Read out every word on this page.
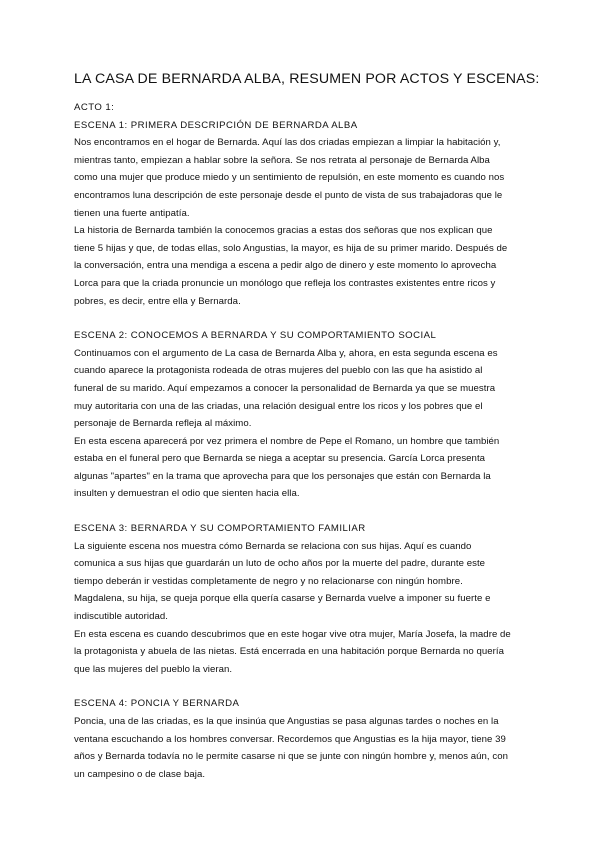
LA CASA DE BERNARDA ALBA, RESUMEN POR ACTOS Y ESCENAS:
ACTO 1:
ESCENA 1: PRIMERA DESCRIPCIÓN DE BERNARDA ALBA
Nos encontramos en el hogar de Bernarda. Aquí las dos criadas empiezan a limpiar la habitación y,
mientras tanto, empiezan a hablar sobre la señora. Se nos retrata al personaje de Bernarda Alba
como una mujer que produce miedo y un sentimiento de repulsión, en este momento es cuando nos
encontramos luna descripción de este personaje desde el punto de vista de sus trabajadoras que le
tienen una fuerte antipatía.
La historia de Bernarda también la conocemos gracias a estas dos señoras que nos explican que
tiene 5 hijas y que, de todas ellas, solo Angustias, la mayor, es hija de su primer marido. Después de
la conversación, entra una mendiga a escena a pedir algo de dinero y este momento lo aprovecha
Lorca para que la criada pronuncie un monólogo que refleja los contrastes existentes entre ricos y
pobres, es decir, entre ella y Bernarda.
ESCENA 2: CONOCEMOS A BERNARDA Y SU COMPORTAMIENTO SOCIAL
Continuamos con el argumento de La casa de Bernarda Alba y, ahora, en esta segunda escena es
cuando aparece la protagonista rodeada de otras mujeres del pueblo con las que ha asistido al
funeral de su marido. Aquí empezamos a conocer la personalidad de Bernarda ya que se muestra
muy autoritaria con una de las criadas, una relación desigual entre los ricos y los pobres que el
personaje de Bernarda refleja al máximo.
En esta escena aparecerá por vez primera el nombre de Pepe el Romano, un hombre que también
estaba en el funeral pero que Bernarda se niega a aceptar su presencia. García Lorca presenta
algunas "apartes" en la trama que aprovecha para que los personajes que están con Bernarda la
insulten y demuestran el odio que sienten hacia ella.
ESCENA 3: BERNARDA Y SU COMPORTAMIENTO FAMILIAR
La siguiente escena nos muestra cómo Bernarda se relaciona con sus hijas. Aquí es cuando
comunica a sus hijas que guardarán un luto de ocho años por la muerte del padre, durante este
tiempo deberán ir vestidas completamente de negro y no relacionarse con ningún hombre.
Magdalena, su hija, se queja porque ella quería casarse y Bernarda vuelve a imponer su fuerte e
indiscutible autoridad.
En esta escena es cuando descubrimos que en este hogar vive otra mujer, María Josefa, la madre de
la protagonista y abuela de las nietas. Está encerrada en una habitación porque Bernarda no quería
que las mujeres del pueblo la vieran.
ESCENA 4: PONCIA Y BERNARDA
Poncia, una de las criadas, es la que insinúa que Angustias se pasa algunas tardes o noches en la
ventana escuchando a los hombres conversar. Recordemos que Angustias es la hija mayor, tiene 39
años y Bernarda todavía no le permite casarse ni que se junte con ningún hombre y, menos aún, con
un campesino o de clase baja.
